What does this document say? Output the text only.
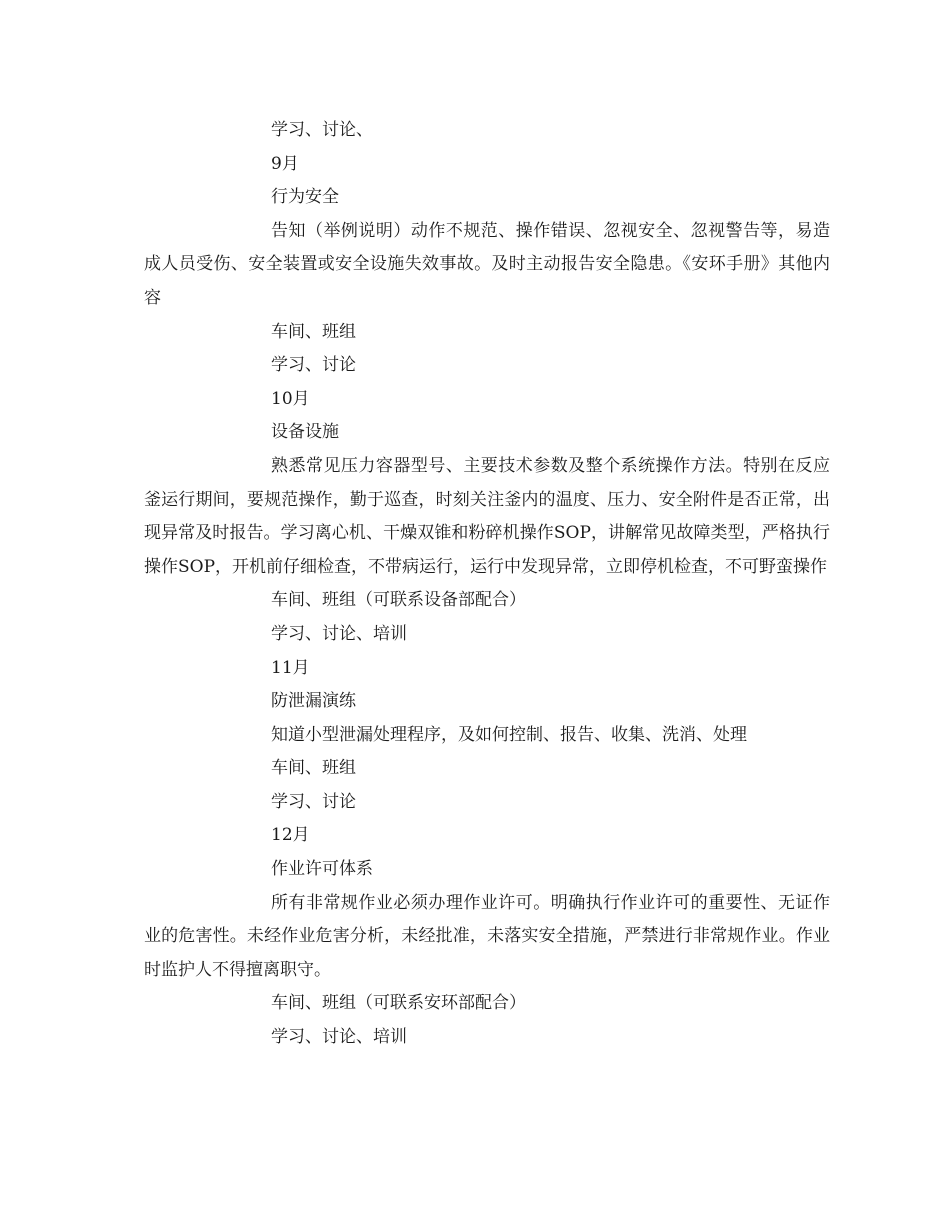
学习、讨论、

9月

行为安全

告知（举例说明）动作不规范、操作错误、忽视安全、忽视警告等，易造成人员受伤、安全装置或安全设施失效事故。及时主动报告安全隐患。《安环手册》其他内容

车间、班组

学习、讨论

10月

设备设施

熟悉常见压力容器型号、主要技术参数及整个系统操作方法。特别在反应釜运行期间，要规范操作，勤于巡查，时刻关注釜内的温度、压力、安全附件是否正常，出现异常及时报告。学习离心机、干燥双锥和粉碎机操作SOP，讲解常见故障类型，严格执行操作SOP，开机前仔细检查，不带病运行，运行中发现异常，立即停机检查，不可野蛮操作

车间、班组（可联系设备部配合）

学习、讨论、培训

11月

防泄漏演练

知道小型泄漏处理程序，及如何控制、报告、收集、洗消、处理

车间、班组

学习、讨论

12月

作业许可体系

所有非常规作业必须办理作业许可。明确执行作业许可的重要性、无证作业的危害性。未经作业危害分析，未经批准，未落实安全措施，严禁进行非常规作业。作业时监护人不得擅离职守。

车间、班组（可联系安环部配合）

学习、讨论、培训
